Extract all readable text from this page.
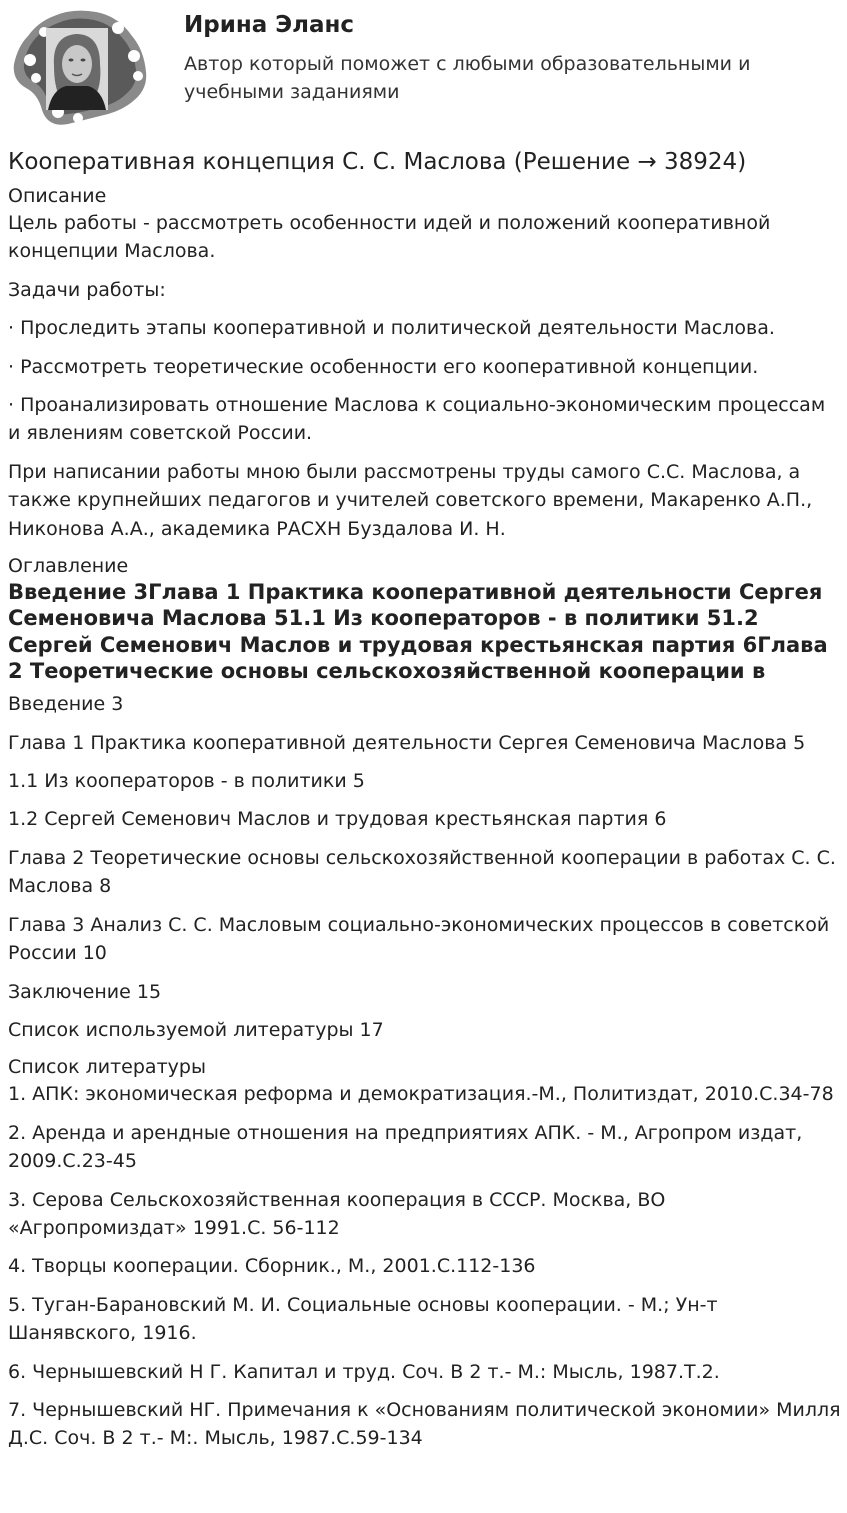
Ирина Эланс

Автор который поможет с любыми образовательными и учебными заданиями

Кооперативная концепция С. С. Маслова (Решение → 38924)
Описание

Цель работы - рассмотреть особенности идей и положений кооперативной концепции Маслова.

Задачи работы:

· Проследить этапы кооперативной и политической деятельности Маслова.

· Рассмотреть теоретические особенности его кооперативной концепции.

· Проанализировать отношение Маслова к социально-экономическим процессам и явлениям советской России.

При написании работы мною были рассмотрены труды самого С.С. Маслова, а также крупнейших педагогов и учителей советского времени, Макаренко А.П., Никонова А.А., академика РАСХН Буздалова И. Н.

Оглавление
Введение 3Глава 1 Практика кооперативной деятельности Сергея Семеновича Маслова 51.1 Из кооператоров - в политики 51.2 Сергей Семенович Маслов и трудовая крестьянская партия 6Глава 2 Теоретические основы сельскохозяйственной кооперации в
Введение 3
Глава 1 Практика кооперативной деятельности Сергея Семеновича Маслова 5
1.1 Из кооператоров - в политики 5
1.2 Сергей Семенович Маслов и трудовая крестьянская партия 6
Глава 2 Теоретические основы сельскохозяйственной кооперации в работах С. С. Маслова 8
Глава 3 Анализ С. С. Масловым социально-экономических процессов в советской России 10
Заключение 15
Список используемой литературы 17
Список литературы
1. АПК: экономическая реформа и демократизация.-М., Политиздат, 2010.С.34-78
2. Аренда и арендные отношения на предприятиях АПК. - М., Агропром издат, 2009.С.23-45
3. Серова Сельскохозяйственная кооперация в СССР. Москва, ВО «Агропромиздат» 1991.С. 56-112
4. Творцы кооперации. Сборник., М., 2001.С.112-136
5. Туган-Барановский М. И. Социальные основы кооперации. - М.; Ун-т Шанявского, 1916.
6. Чернышевский Н Г. Капитал и труд. Соч. В 2 т.- М.: Мысль, 1987.Т.2.
7. Чернышевский НГ. Примечания к «Основаниям политической экономии» Милля Д.С. Соч. В 2 т.- М:. Мысль, 1987.С.59-134
